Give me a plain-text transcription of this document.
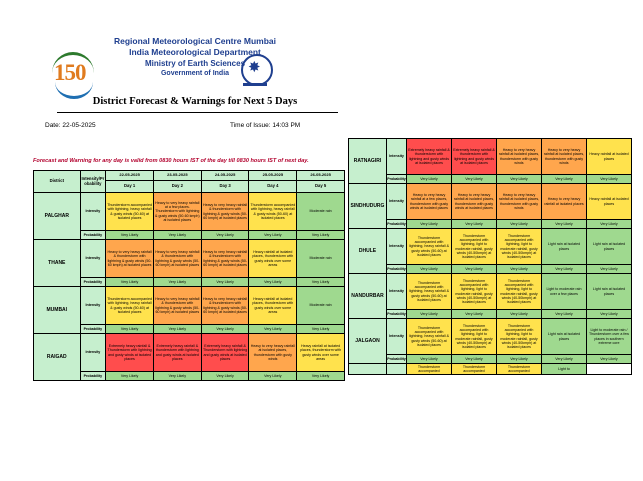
150	✸
Regional Meteorological Centre Mumbai
India Meteorological Department
Ministry of Earth Sciences
Government of India
District Forecast & Warnings for Next 5 Days
Date: 22-05-2025	Time of Issue: 14:03 PM
Forecast and Warning for any day is valid from 0830 hours IST of the day till 0830 hours IST of next day.
District	Intensity/Probability	22-05-2025	23-05-2025	24-05-2025	25-05-2025	26-05-2025
		Day 1	Day 2	Day 3	Day 4	Day 5
PALGHAR	Intensity	Thunderstorm accompanied with lightning, heavy rainfall & gusty winds (50-60) at isolated places	Heavy to very heavy rainfall at a few places. Thunderstorm with lightning & gusty winds (50-60 kmph) at isolated places	Heavy to very heavy rainfall & thunderstorm with lightning & gusty winds (50-60 kmph) at isolated places	Thunderstorm accompanied with lightning, heavy rainfall & gusty winds (50-60) at isolated places	Moderate rain
	Probability	Very Likely	Very Likely	Very Likely	Very Likely	Very Likely
THANE	Intensity	Heavy to very heavy rainfall & thunderstorm with lightning & gusty winds (50-60 kmph) at isolated places	Heavy to very heavy rainfall & thunderstorm with lightning & gusty winds (50-60 kmph) at isolated places	Heavy to very heavy rainfall & thunderstorm with lightning & gusty winds (50-60 kmph) at isolated places	Heavy rainfall at isolated places, thunderstorm with gusty winds over some areas	Moderate rain
	Probability	Very Likely	Very Likely	Very Likely	Very Likely	Very Likely
MUMBAI	Intensity	Thunderstorm accompanied with lightning, heavy rainfall & gusty winds (50-60) at isolated places	Heavy to very heavy rainfall & thunderstorm with lightning & gusty winds (50-60 kmph) at isolated places	Heavy to very heavy rainfall & thunderstorm with lightning & gusty winds (50-60 kmph) at isolated places	Heavy rainfall at isolated places, thunderstorm with gusty winds over some areas	Moderate rain
	Probability	Very Likely	Very Likely	Very Likely	Very Likely	Very Likely
RAIGAD	Intensity	Extremely heavy rainfall & Thunderstorm with lightning and gusty winds at isolated places	Extremely heavy rainfall & thunderstorm with lightning and gusty winds at isolated places	Extremely heavy rainfall & Thunderstorm with lightning and gusty winds at isolated places	Heavy to very heavy rainfall at isolated places, thunderstorm with gusty winds	Heavy rainfall at isolated places, thunderstorm with gusty winds over some areas
	Probability	Very Likely	Very Likely	Very Likely	Very Likely	Very Likely
RATNAGIRI	Intensity	Extremely heavy rainfall & thunderstorm with lightning and gusty winds at isolated places	Extremely heavy rainfall & thunderstorm with lightning and gusty winds at isolated places	Heavy to very heavy rainfall at isolated places, thunderstorm with gusty winds	Heavy to very heavy rainfall at isolated places, thunderstorm with gusty winds	Heavy rainfall at isolated places
	Probability	Very Likely	Very Likely	Very Likely	Very Likely	Very Likely
SINDHUDURG	Intensity	Heavy to very heavy rainfall at a few places, thunderstorm with gusty winds at isolated places	Heavy to very heavy rainfall at isolated places, thunderstorm with gusty winds at isolated places	Heavy to very heavy rainfall at isolated places, thunderstorm with gusty winds	Heavy to very heavy rainfall at isolated places	Heavy rainfall at isolated places
	Probability	Very Likely	Very Likely	Very Likely	Very Likely	Very Likely
DHULE	Intensity	Thunderstorm accompanied with lightning, heavy rainfall & gusty winds (50-60) at isolated places	Thunderstorm accompanied with lightning, light to moderate rainfall, gusty winds (40-50kmph) at isolated places	Thunderstorm accompanied with lightning, light to moderate rainfall, gusty winds (40-50kmph) at isolated places	Light rain at isolated places	Light rain at isolated places
	Probability	Very Likely	Very Likely	Very Likely	Very Likely	Very Likely
NANDURBAR	Intensity	Thunderstorm accompanied with lightning, heavy rainfall & gusty winds (50-60) at isolated places	Thunderstorm accompanied with lightning, light to moderate rainfall, gusty winds (40-50kmph) at isolated places	Thunderstorm accompanied with lightning, light to moderate rainfall, gusty winds (40-50kmph) at isolated places	Light to moderate rain over a few places	Light rain at isolated places
	Probability	Very Likely	Very Likely	Very Likely	Very Likely	Very Likely
JALGAON	Intensity	Thunderstorm accompanied with lightning, heavy rainfall & gusty winds (50-60) at isolated places	Thunderstorm accompanied with lightning, light to moderate rainfall, gusty winds (40-50kmph) at isolated places	Thunderstorm accompanied with lightning, light to moderate rainfall, gusty winds (40-50kmph) at isolated places	Light rain at isolated places	Light to moderate rain / Thunderstorm over a few places in southern extreme core
	Probability	Very Likely	Very Likely	Very Likely	Very Likely	Very Likely
		Thunderstorm accompanied	Thunderstorm accompanied	Thunderstorm accompanied	Light to	
